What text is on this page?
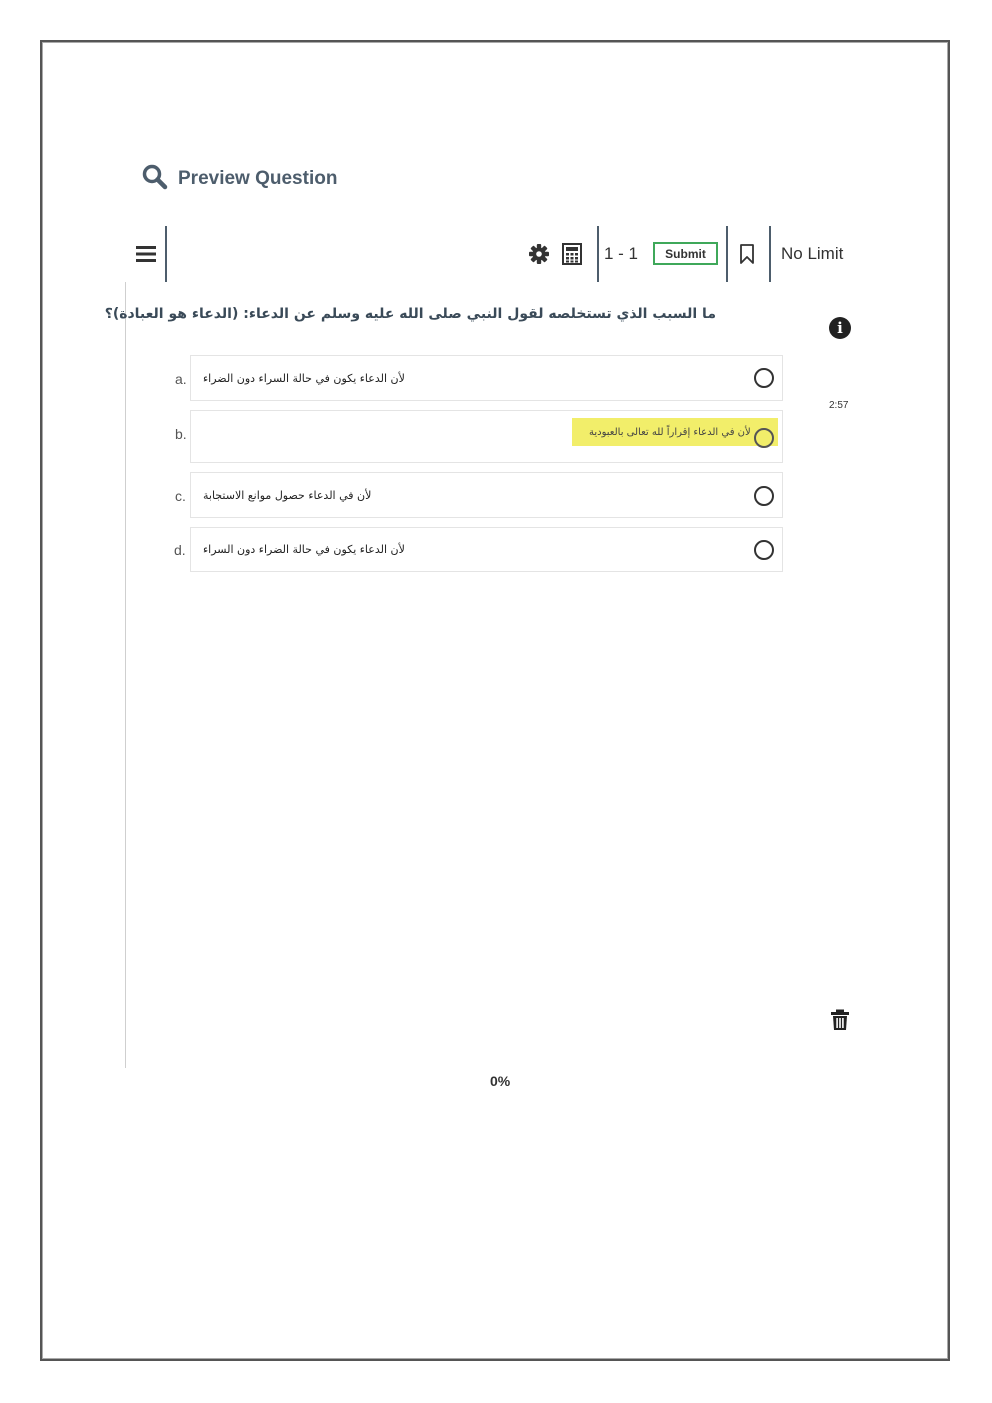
Preview Question
1 - 1	Submit	No Limit
ما السبب الذي تستخلصه لقول النبي صلى الله عليه وسلم عن الدعاء: (الدعاء هو العبادة)؟
a. لأن الدعاء يكون في حالة السراء دون الضراء
b.	لأن في الدعاء إقراراً لله تعالى بالعبودية
c. لأن في الدعاء حصول موانع الاستجابة
d. لأن الدعاء يكون في حالة الضراء دون السراء
i
2:57
0%
